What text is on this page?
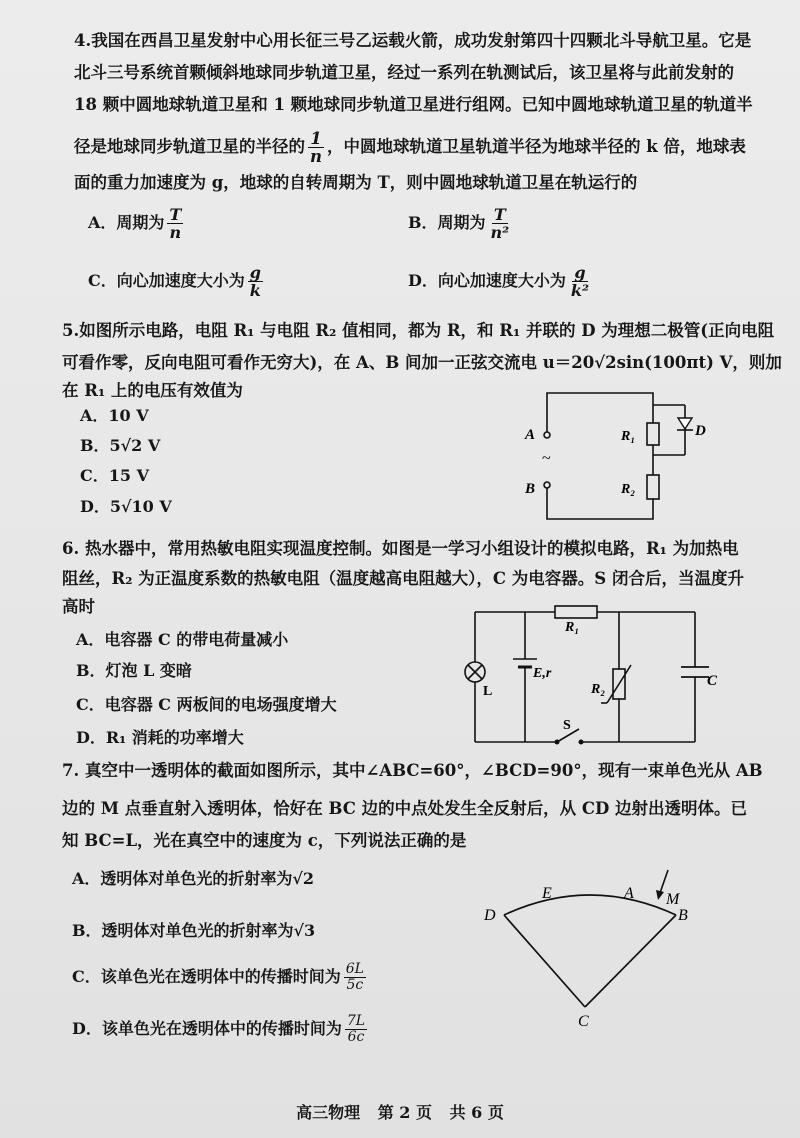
4.我国在西昌卫星发射中心用长征三号乙运载火箭，成功发射第四十四颗北斗导航卫星。它是
北斗三号系统首颗倾斜地球同步轨道卫星，经过一系列在轨测试后，该卫星将与此前发射的
18 颗中圆地球轨道卫星和 1 颗地球同步轨道卫星进行组网。已知中圆地球轨道卫星的轨道半
径是地球同步轨道卫星的半径的 $\frac{1}{n}$ ，中圆地球轨道卫星轨道半径为地球半径的 k 倍，地球表
面的重力加速度为 g，地球的自转周期为 T，则中圆地球轨道卫星在轨运行的
A．周期为 $\frac{T}{n}$	B．周期为 $\frac{T}{\text{n²}}$
C．向心加速度大小为 $\frac{g}{k}$	D．向心加速度大小为 $\frac{g}{\text{k²}}$
5.如图所示电路，电阻 R₁ 与电阻 R₂ 值相同，都为 R，和 R₁ 并联的 D 为理想二极管(正向电阻
可看作零，反向电阻可看作无穷大)，在 A、B 间加一正弦交流电 u＝20√2sin(100πt) V，则加
在 R₁ 上的电压有效值为
A．10 V
B．5√2 V
C．15 V
D．5√10 V
A
~
B
R₁
R₂
D
6. 热水器中，常用热敏电阻实现温度控制。如图是一学习小组设计的模拟电路，R₁ 为加热电
阻丝，R₂ 为正温度系数的热敏电阻（温度越高电阻越大），C 为电容器。S 闭合后，当温度升
高时
A．电容器 C 的带电荷量减小
B．灯泡 L 变暗
C．电容器 C 两板间的电场强度增大
D．R₁ 消耗的功率增大
R₁
R₂
C
L
E,r
S
7. 真空中一透明体的截面如图所示，其中∠ABC=60°，∠BCD=90°，现有一束单色光从 AB
边的 M 点垂直射入透明体，恰好在 BC 边的中点处发生全反射后，从 CD 边射出透明体。已
知 BC=L，光在真空中的速度为 c，下列说法正确的是
A．透明体对单色光的折射率为√2
B．透明体对单色光的折射率为√3
C．该单色光在透明体中的传播时间为 $\frac{6L}{5c}$
D．该单色光在透明体中的传播时间为 $\frac{7L}{6c}$
D
E	A M
B
C
高三物理 第 2 页 共 6 页
